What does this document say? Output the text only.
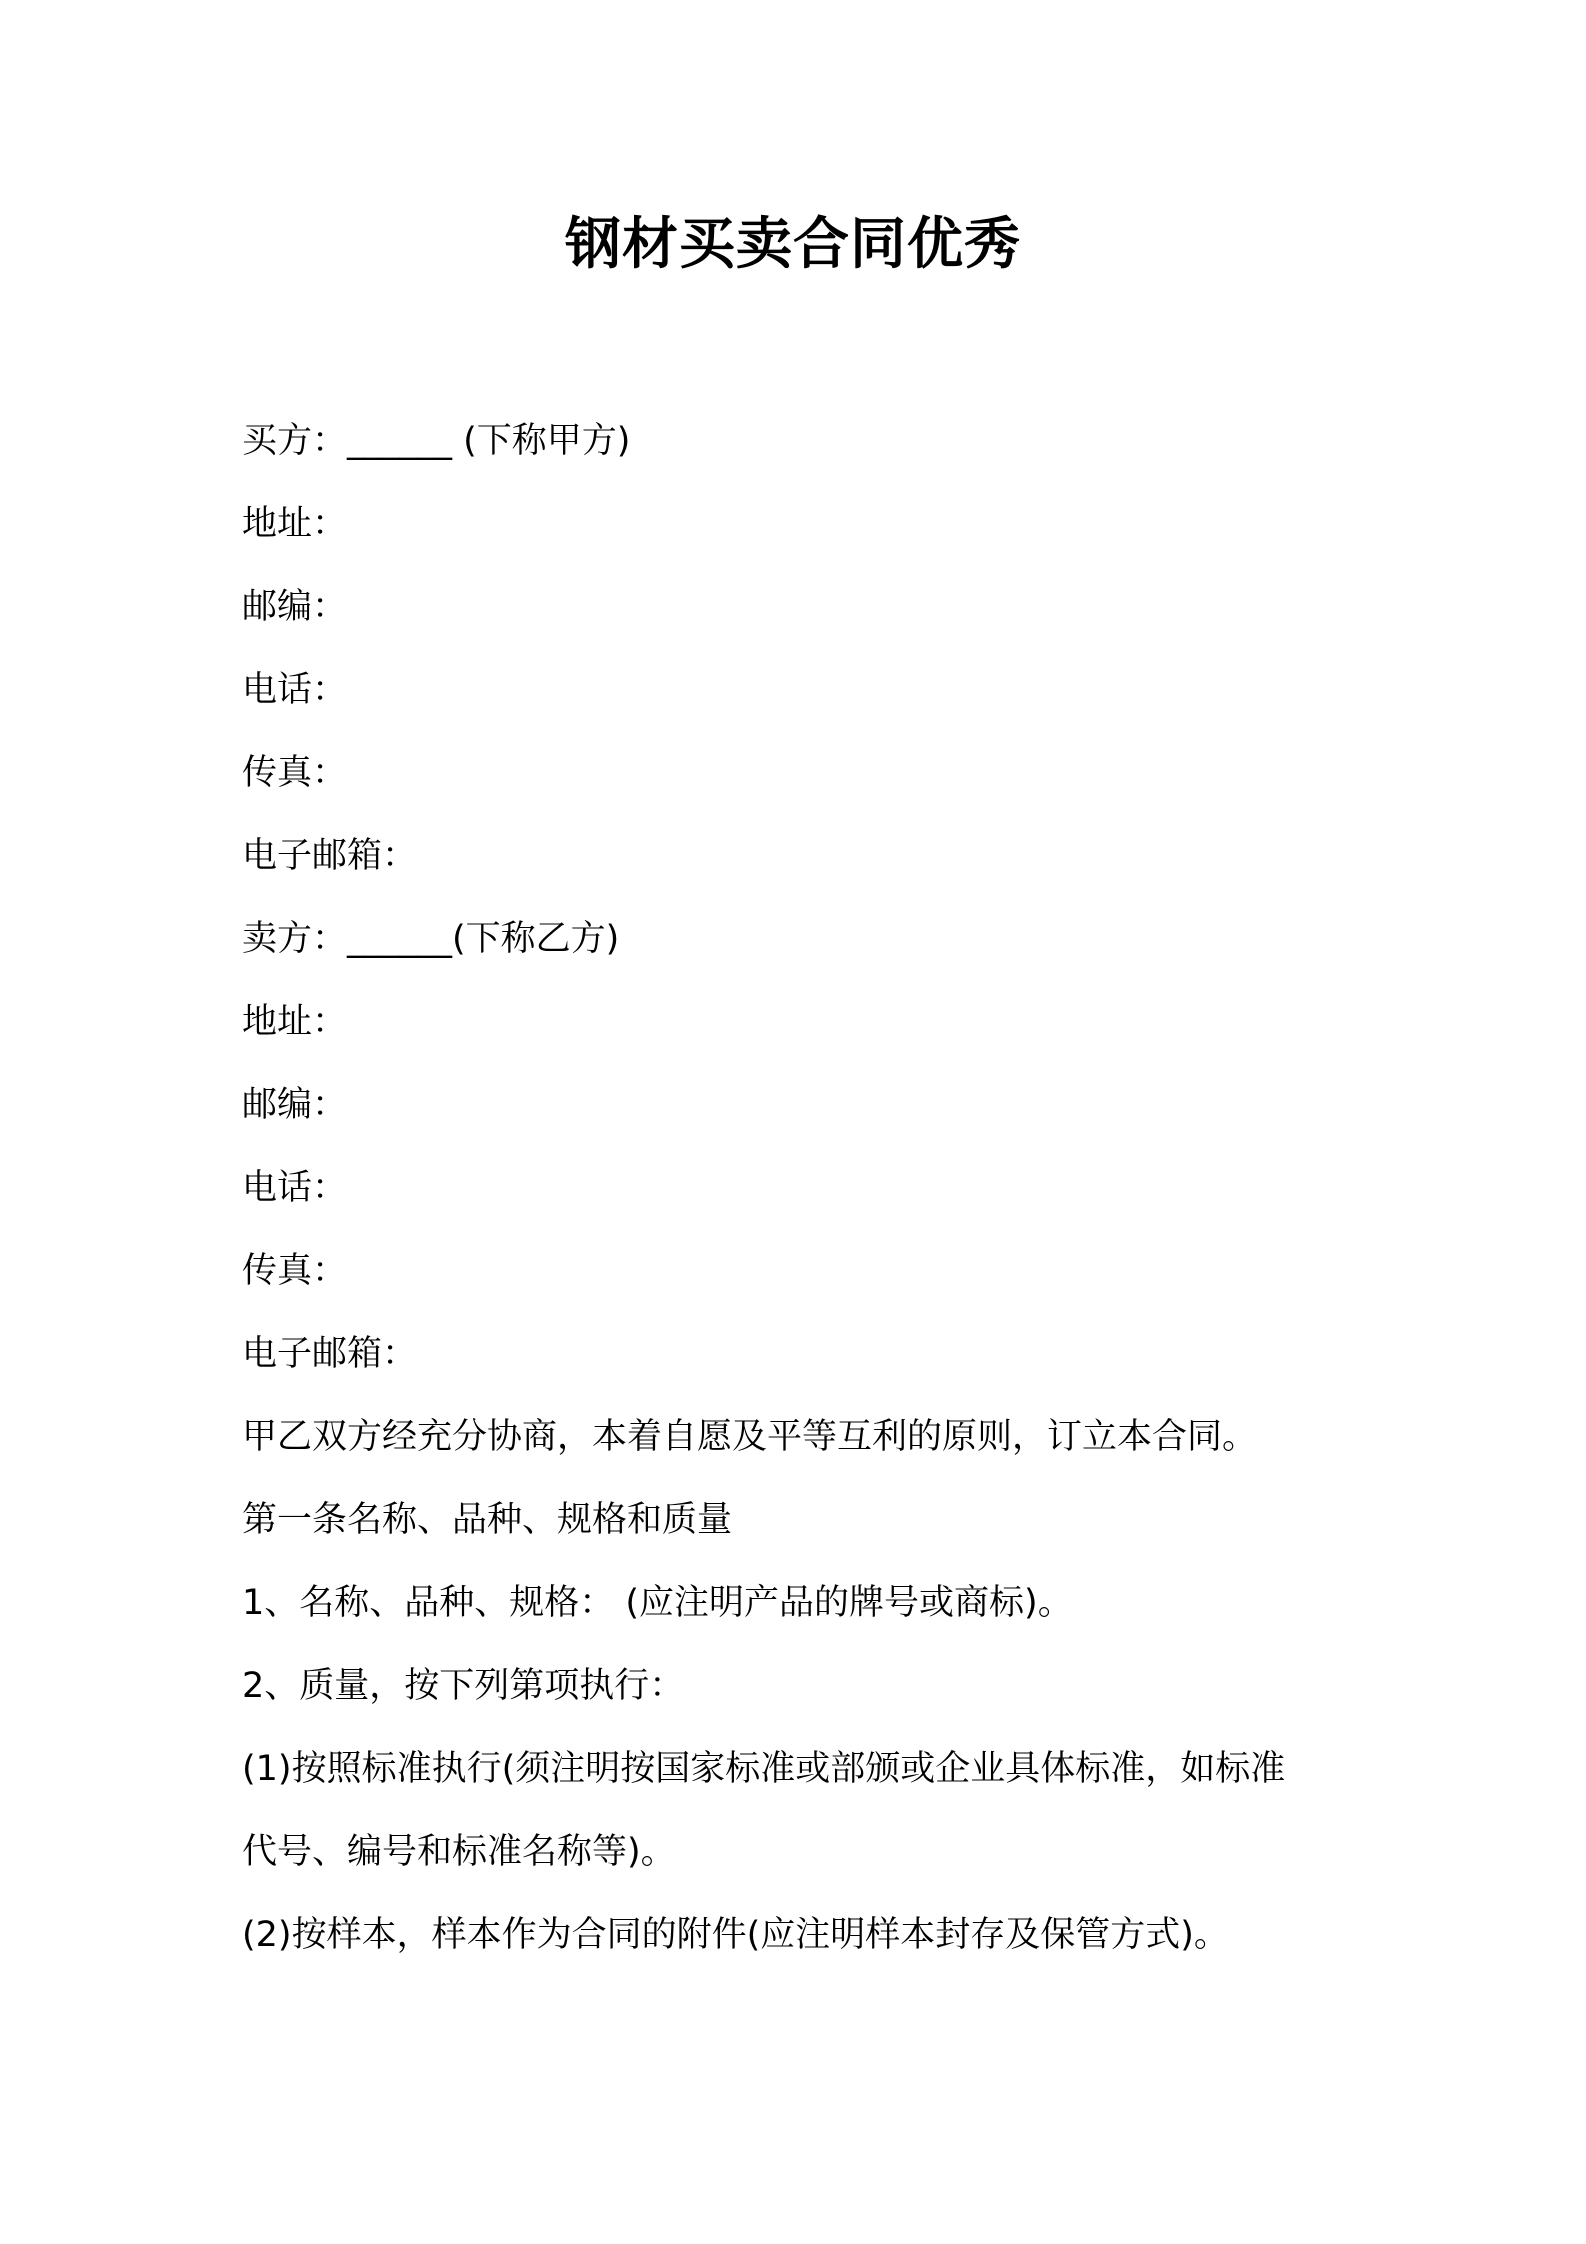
钢材买卖合同优秀
买方：______ (下称甲方)
地址：
邮编：
电话：
传真：
电子邮箱：
卖方：______(下称乙方)
地址：
邮编：
电话：
传真：
电子邮箱：
甲乙双方经充分协商，本着自愿及平等互利的原则，订立本合同。
第一条名称、品种、规格和质量
1、名称、品种、规格： (应注明产品的牌号或商标)。
2、质量，按下列第项执行：
(1)按照标准执行(须注明按国家标准或部颁或企业具体标准，如标准
代号、编号和标准名称等)。
(2)按样本，样本作为合同的附件(应注明样本封存及保管方式)。
